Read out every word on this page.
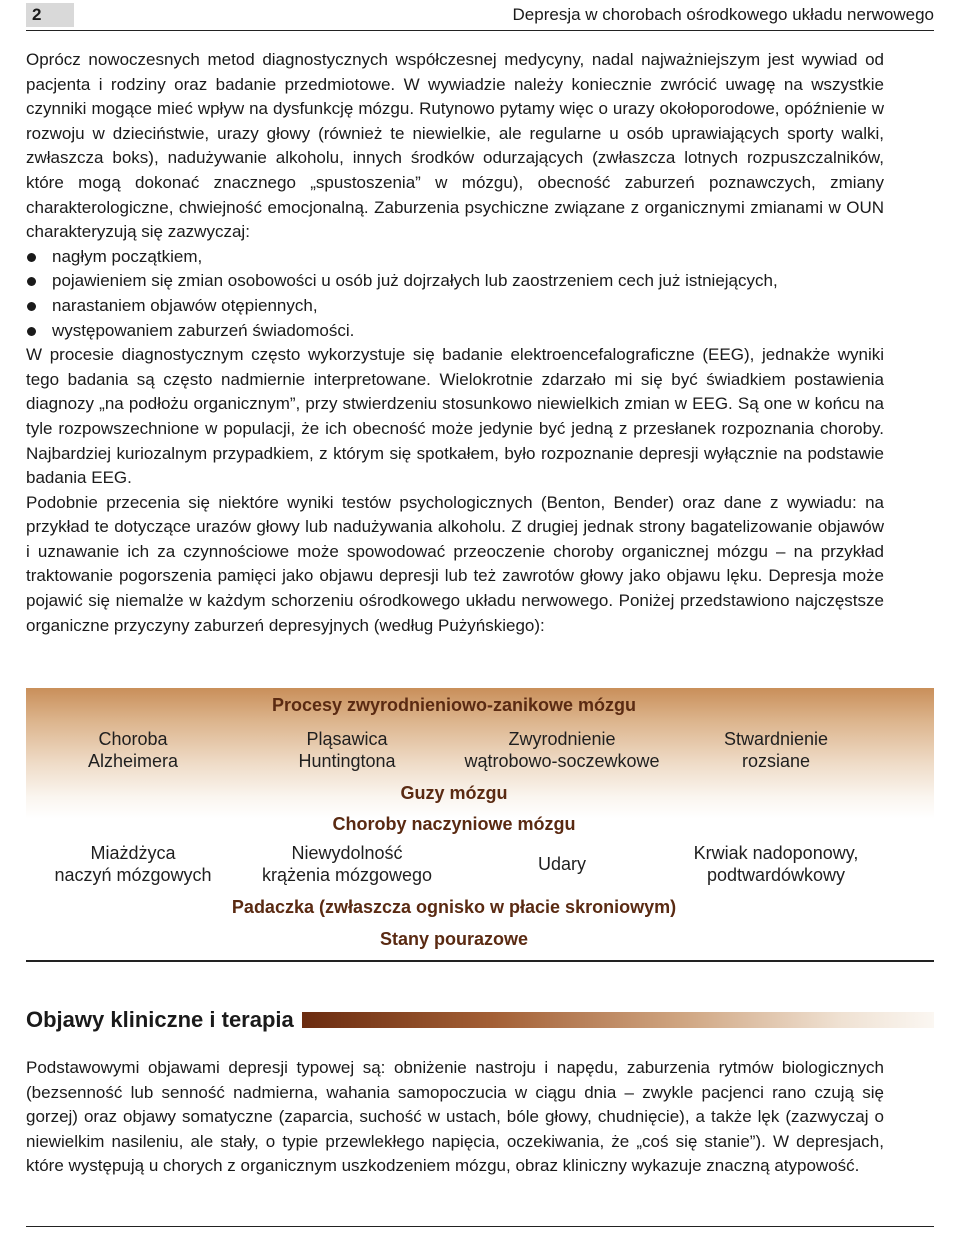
2	Depresja w chorobach ośrodkowego układu nerwowego

Oprócz nowoczesnych metod diagnostycznych współczesnej medycyny, nadal najważniejszym jest wywiad od pacjenta i rodziny oraz badanie przedmiotowe. W wywiadzie należy koniecznie zwrócić uwagę na wszystkie czynniki mogące mieć wpływ na dysfunkcję mózgu. Rutynowo pytamy więc o urazy okołoporodowe, opóźnienie w rozwoju w dzieciństwie, urazy głowy (również te niewielkie, ale regularne u osób uprawiających sporty walki, zwłaszcza boks), nadużywanie alkoholu, innych środków odurzających (zwłaszcza lotnych rozpuszczalników, które mogą dokonać znacznego „spustoszenia” w mózgu), obecność zaburzeń poznawczych, zmiany charakterologiczne, chwiejność emocjonalną. Zaburzenia psychiczne związane z organicznymi zmianami w OUN charakteryzują się zazwyczaj:

nagłym początkiem,
pojawieniem się zmian osobowości u osób już dojrzałych lub zaostrzeniem cech już istniejących,
narastaniem objawów otępiennych,
występowaniem zaburzeń świadomości.

W procesie diagnostycznym często wykorzystuje się badanie elektroencefalograficzne (EEG), jednakże wyniki tego badania są często nadmiernie interpretowane. Wielokrotnie zdarzało mi się być świadkiem postawienia diagnozy „na podłożu organicznym”, przy stwierdzeniu stosunkowo niewielkich zmian w EEG. Są one w końcu na tyle rozpowszechnione w populacji, że ich obecność może jedynie być jedną z przesłanek rozpoznania choroby. Najbardziej kuriozalnym przypadkiem, z którym się spotkałem, było rozpoznanie depresji wyłącznie na podstawie badania EEG.

Podobnie przecenia się niektóre wyniki testów psychologicznych (Benton, Bender) oraz dane z wywiadu: na przykład te dotyczące urazów głowy lub nadużywania alkoholu. Z drugiej jednak strony bagatelizowanie objawów i uznawanie ich za czynnościowe może spowodować przeoczenie choroby organicznej mózgu – na przykład traktowanie pogorszenia pamięci jako objawu depresji lub też zawrotów głowy jako objawu lęku. Depresja może pojawić się niemalże w każdym schorzeniu ośrodkowego układu nerwowego. Poniżej przedstawiono najczęstsze organiczne przyczyny zaburzeń depresyjnych (według Pużyńskiego):

Procesy zwyrodnieniowo-zanikowe mózgu
Choroba
Alzheimera
Pląsawica
Huntingtona
Zwyrodnienie
wątrobowo-soczewkowe
Stwardnienie
rozsiane
Guzy mózgu
Choroby naczyniowe mózgu
Miażdżyca
naczyń mózgowych
Niewydolność
krążenia mózgowego
Udary
Krwiak nadoponowy,
podtwardówkowy
Padaczka (zwłaszcza ognisko w płacie skroniowym)
Stany pourazowe
Objawy kliniczne i terapia

Podstawowymi objawami depresji typowej są: obniżenie nastroju i napędu, zaburzenia rytmów biologicznych (bezsenność lub senność nadmierna, wahania samopoczucia w ciągu dnia – zwykle pacjenci rano czują się gorzej) oraz objawy somatyczne (zaparcia, suchość w ustach, bóle głowy, chudnięcie), a także lęk (zazwyczaj o niewielkim nasileniu, ale stały, o typie przewlekłego napięcia, oczekiwania, że „coś się stanie”). W depresjach, które występują u chorych z organicznym uszkodzeniem mózgu, obraz kliniczny wykazuje znaczną atypowość.
